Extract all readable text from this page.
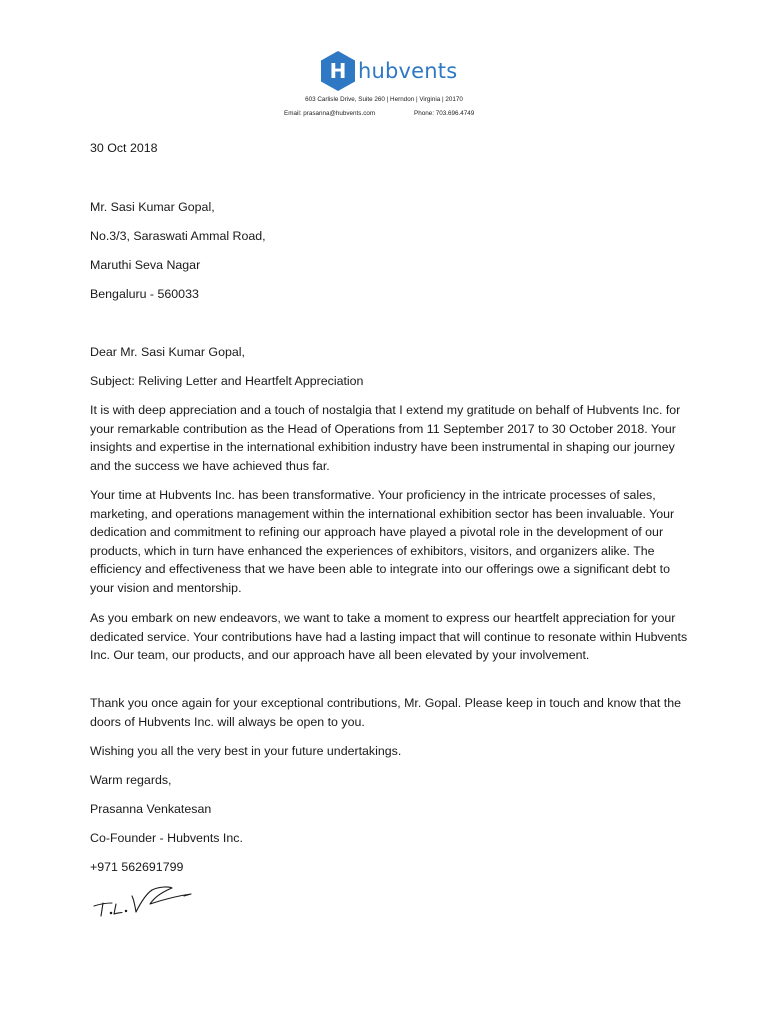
H hubvents
603 Carlisle Drive, Suite 260 | Herndon | Virginia | 20170
Email: prasanna@hubvents.com	Phone: 703.696.4749
30 Oct 2018
Mr. Sasi Kumar Gopal,
No.3/3, Saraswati Ammal Road,
Maruthi Seva Nagar
Bengaluru - 560033
Dear Mr. Sasi Kumar Gopal,
Subject: Reliving Letter and Heartfelt Appreciation

It is with deep appreciation and a touch of nostalgia that I extend my gratitude on behalf of Hubvents Inc. for your remarkable contribution as the Head of Operations from 11 September 2017 to 30 October 2018. Your insights and expertise in the international exhibition industry have been instrumental in shaping our journey and the success we have achieved thus far.

Your time at Hubvents Inc. has been transformative. Your proficiency in the intricate processes of sales, marketing, and operations management within the international exhibition sector has been invaluable. Your dedication and commitment to refining our approach have played a pivotal role in the development of our products, which in turn have enhanced the experiences of exhibitors, visitors, and organizers alike. The efficiency and effectiveness that we have been able to integrate into our offerings owe a significant debt to your vision and mentorship.

As you embark on new endeavors, we want to take a moment to express our heartfelt appreciation for your dedicated service. Your contributions have had a lasting impact that will continue to resonate within Hubvents Inc. Our team, our products, and our approach have all been elevated by your involvement.

Thank you once again for your exceptional contributions, Mr. Gopal. Please keep in touch and know that the doors of Hubvents Inc. will always be open to you.

Wishing you all the very best in your future undertakings.
Warm regards,
Prasanna Venkatesan
Co-Founder - Hubvents Inc.
+971 562691799
